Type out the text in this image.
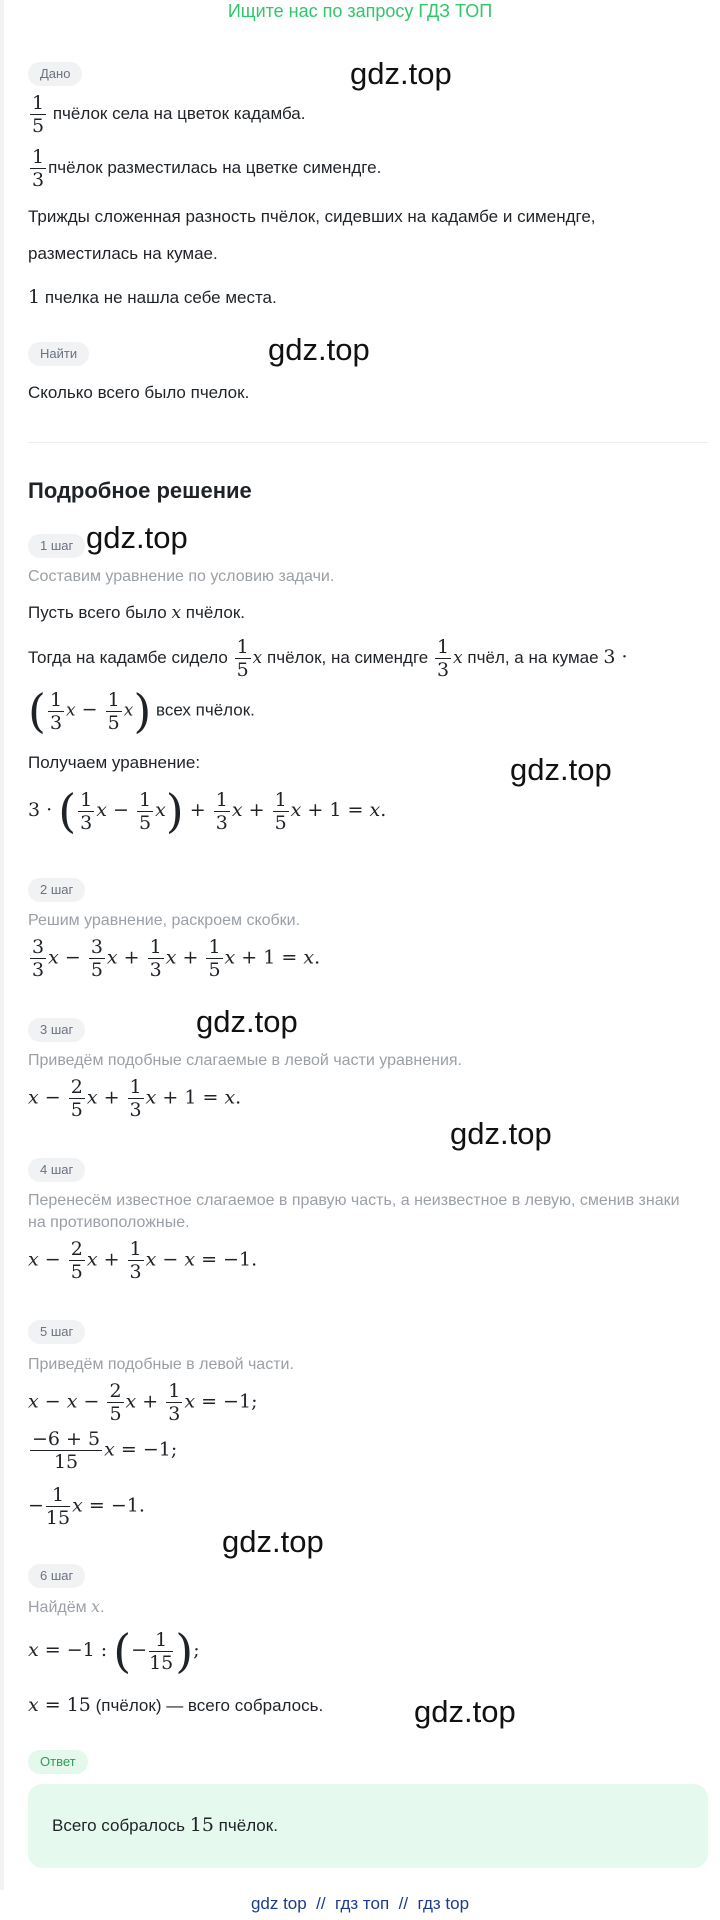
Ищите нас по запросу ГДЗ ТОП
gdz.top
gdz.top
gdz.top
gdz.top
gdz.top
gdz.top
gdz.top
gdz.top
Дано
$\frac{1}{5}$ пчёлок села на цветок кадамба.
$\frac{1}{3}$ пчёлок разместилась на цветке симендге.
Трижды сложенная разность пчёлок, сидевших на кадамбе и симендге,
разместилась на кумае.
1 пчелка не нашла себе места.
Найти
Сколько всего было пчелок.
Подробное решение
1 шаг
Составим уравнение по условию задачи.
Пусть всего было x пчёлок.
Тогда на кадамбе сидело $\frac{1}{5}$ x пчёлок, на симендге $\frac{1}{3}$ x пчёл, а на кумае 3 ·
( $\frac{1}{3}$ $x - \frac{1}{5} x$) всех пчёлок.
Получаем уравнение:
3 · ( $\frac{1}{3}$ $x - \frac{1}{5} x) + \frac{1}{3}$ $x + \frac{1}{5}$ x + 1 = x.
2 шаг
Решим уравнение, раскроем скобки.
$\frac{3}{3}$ $x - \frac{3}{5}$ $x + \frac{1}{3}$ $x + \frac{1}{5}$ x + 1 = x.
3 шаг
Приведём подобные слагаемые в левой части уравнения.
$x - \frac{2}{5}$ $x + \frac{1}{3}$ x + 1 = x.
4 шаг
Перенесём известное слагаемое в правую часть, а неизвестное в левую, сменив знаки
на противоположные.
$x - \frac{2}{5}$ $x + \frac{1}{3}$ x − x = −1.
5 шаг
Приведём подобные в левой части.
$x - x - \frac{2}{5}$ $x + \frac{1}{3}$ x = −1;
$\frac{-6 + 5}{15}$ x = −1;
− $\frac{1}{15}$ x = −1.
6 шаг
Найдём x.
x = −1 : (− $\frac{1}{15}$ );
x = 15 (пчёлок) — всего собралось.
Ответ
Всего собралось 15 пчёлок.
gdz top  //  гдз топ  //  гдз top
